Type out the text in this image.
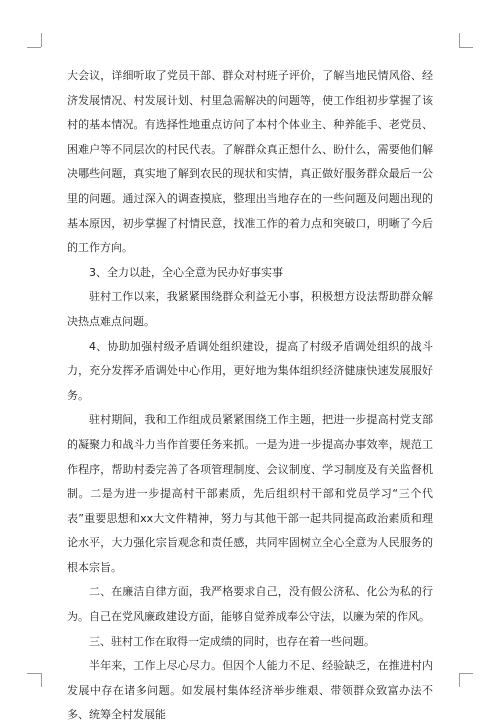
大会议，详细听取了党员干部、群众对村班子评价，了解当地民情风俗、经济发展情况、村发展计划、村里急需解决的问题等，使工作组初步掌握了该村的基本情况。有选择性地重点访问了本村个体业主、种养能手、老党员、困难户等不同层次的村民代表。了解群众真正想什么、盼什么，需要他们解决哪些问题，真实地了解到农民的现状和实情，真正做好服务群众最后一公里的问题。通过深入的调查摸底，整理出当地存在的一些问题及问题出现的基本原因，初步掌握了村情民意，找准工作的着力点和突破口，明晰了今后的工作方向。

3、全力以赴，全心全意为民办好事实事

驻村工作以来，我紧紧围绕群众利益无小事，积极想方设法帮助群众解决热点难点问题。

4、协助加强村级矛盾调处组织建设，提高了村级矛盾调处组织的战斗力，充分发挥矛盾调处中心作用，更好地为集体组织经济健康快速发展服好务。

驻村期间，我和工作组成员紧紧围绕工作主题，把进一步提高村党支部的凝聚力和战斗力当作首要任务来抓。一是为进一步提高办事效率，规范工作程序，帮助村委完善了各项管理制度、会议制度、学习制度及有关监督机制。二是为进一步提高村干部素质，先后组织村干部和党员学习“三个代表”重要思想和xx大文件精神，努力与其他干部一起共同提高政治素质和理论水平，大力强化宗旨观念和责任感，共同牢固树立全心全意为人民服务的根本宗旨。

二、在廉洁自律方面，我严格要求自己，没有假公济私、化公为私的行为。自己在党风廉政建设方面，能够自觉养成奉公守法，以廉为荣的作风。

三、驻村工作在取得一定成绩的同时，也存在着一些问题。

半年来，工作上尽心尽力。但因个人能力不足、经验缺乏，在推进村内发展中存在诸多问题。如发展村集体经济举步维艰、带领群众致富办法不多、统筹全村发展能
